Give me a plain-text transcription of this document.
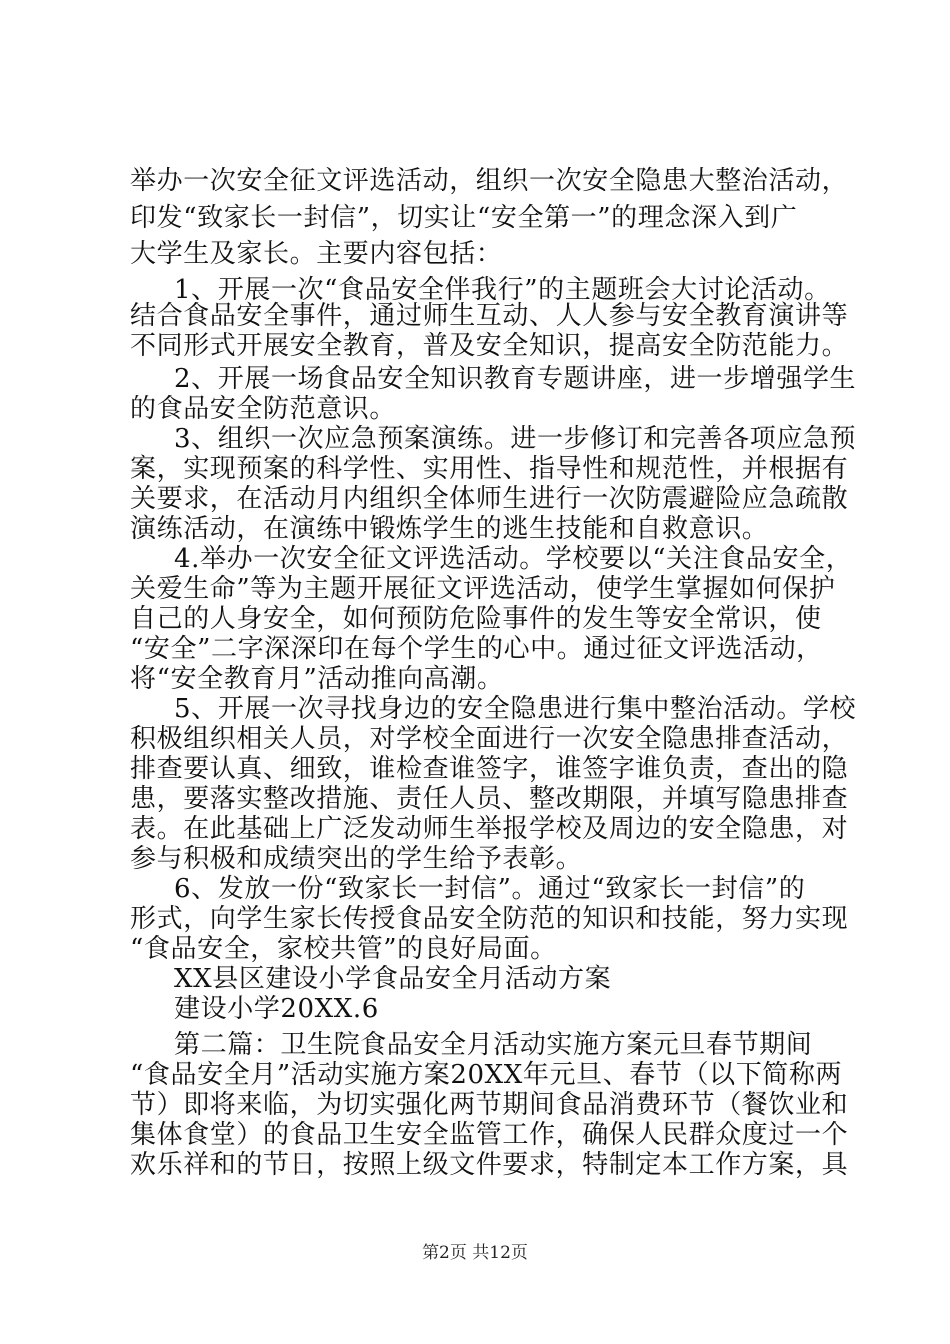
举办一次安全征文评选活动，组织一次安全隐患大整治活动，
印发“致家长一封信”，切实让“安全第一”的理念深入到广
大学生及家长。主要内容包括：
1、开展一次“食品安全伴我行”的主题班会大讨论活动。
结合食品安全事件，通过师生互动、人人参与安全教育演讲等
不同形式开展安全教育，普及安全知识，提高安全防范能力。
2、开展一场食品安全知识教育专题讲座，进一步增强学生
的食品安全防范意识。
3、组织一次应急预案演练。进一步修订和完善各项应急预
案，实现预案的科学性、实用性、指导性和规范性，并根据有
关要求，在活动月内组织全体师生进行一次防震避险应急疏散
演练活动，在演练中锻炼学生的逃生技能和自救意识。
4.举办一次安全征文评选活动。学校要以“关注食品安全，
关爱生命”等为主题开展征文评选活动，使学生掌握如何保护
自己的人身安全，如何预防危险事件的发生等安全常识，使
“安全”二字深深印在每个学生的心中。通过征文评选活动，
将“安全教育月”活动推向高潮。
5、开展一次寻找身边的安全隐患进行集中整治活动。学校
积极组织相关人员，对学校全面进行一次安全隐患排查活动，
排查要认真、细致，谁检查谁签字，谁签字谁负责，查出的隐
患，要落实整改措施、责任人员、整改期限，并填写隐患排查
表。在此基础上广泛发动师生举报学校及周边的安全隐患，对
参与积极和成绩突出的学生给予表彰。
6、发放一份“致家长一封信”。通过“致家长一封信”的
形式，向学生家长传授食品安全防范的知识和技能，努力实现
“食品安全，家校共管”的良好局面。
XX县区建设小学食品安全月活动方案
建设小学20XX.6
第二篇：卫生院食品安全月活动实施方案元旦春节期间
“食品安全月”活动实施方案20XX年元旦、春节（以下简称两
节）即将来临，为切实强化两节期间食品消费环节（餐饮业和
集体食堂）的食品卫生安全监管工作，确保人民群众度过一个
欢乐祥和的节日，按照上级文件要求，特制定本工作方案，具
第2页 共12页
